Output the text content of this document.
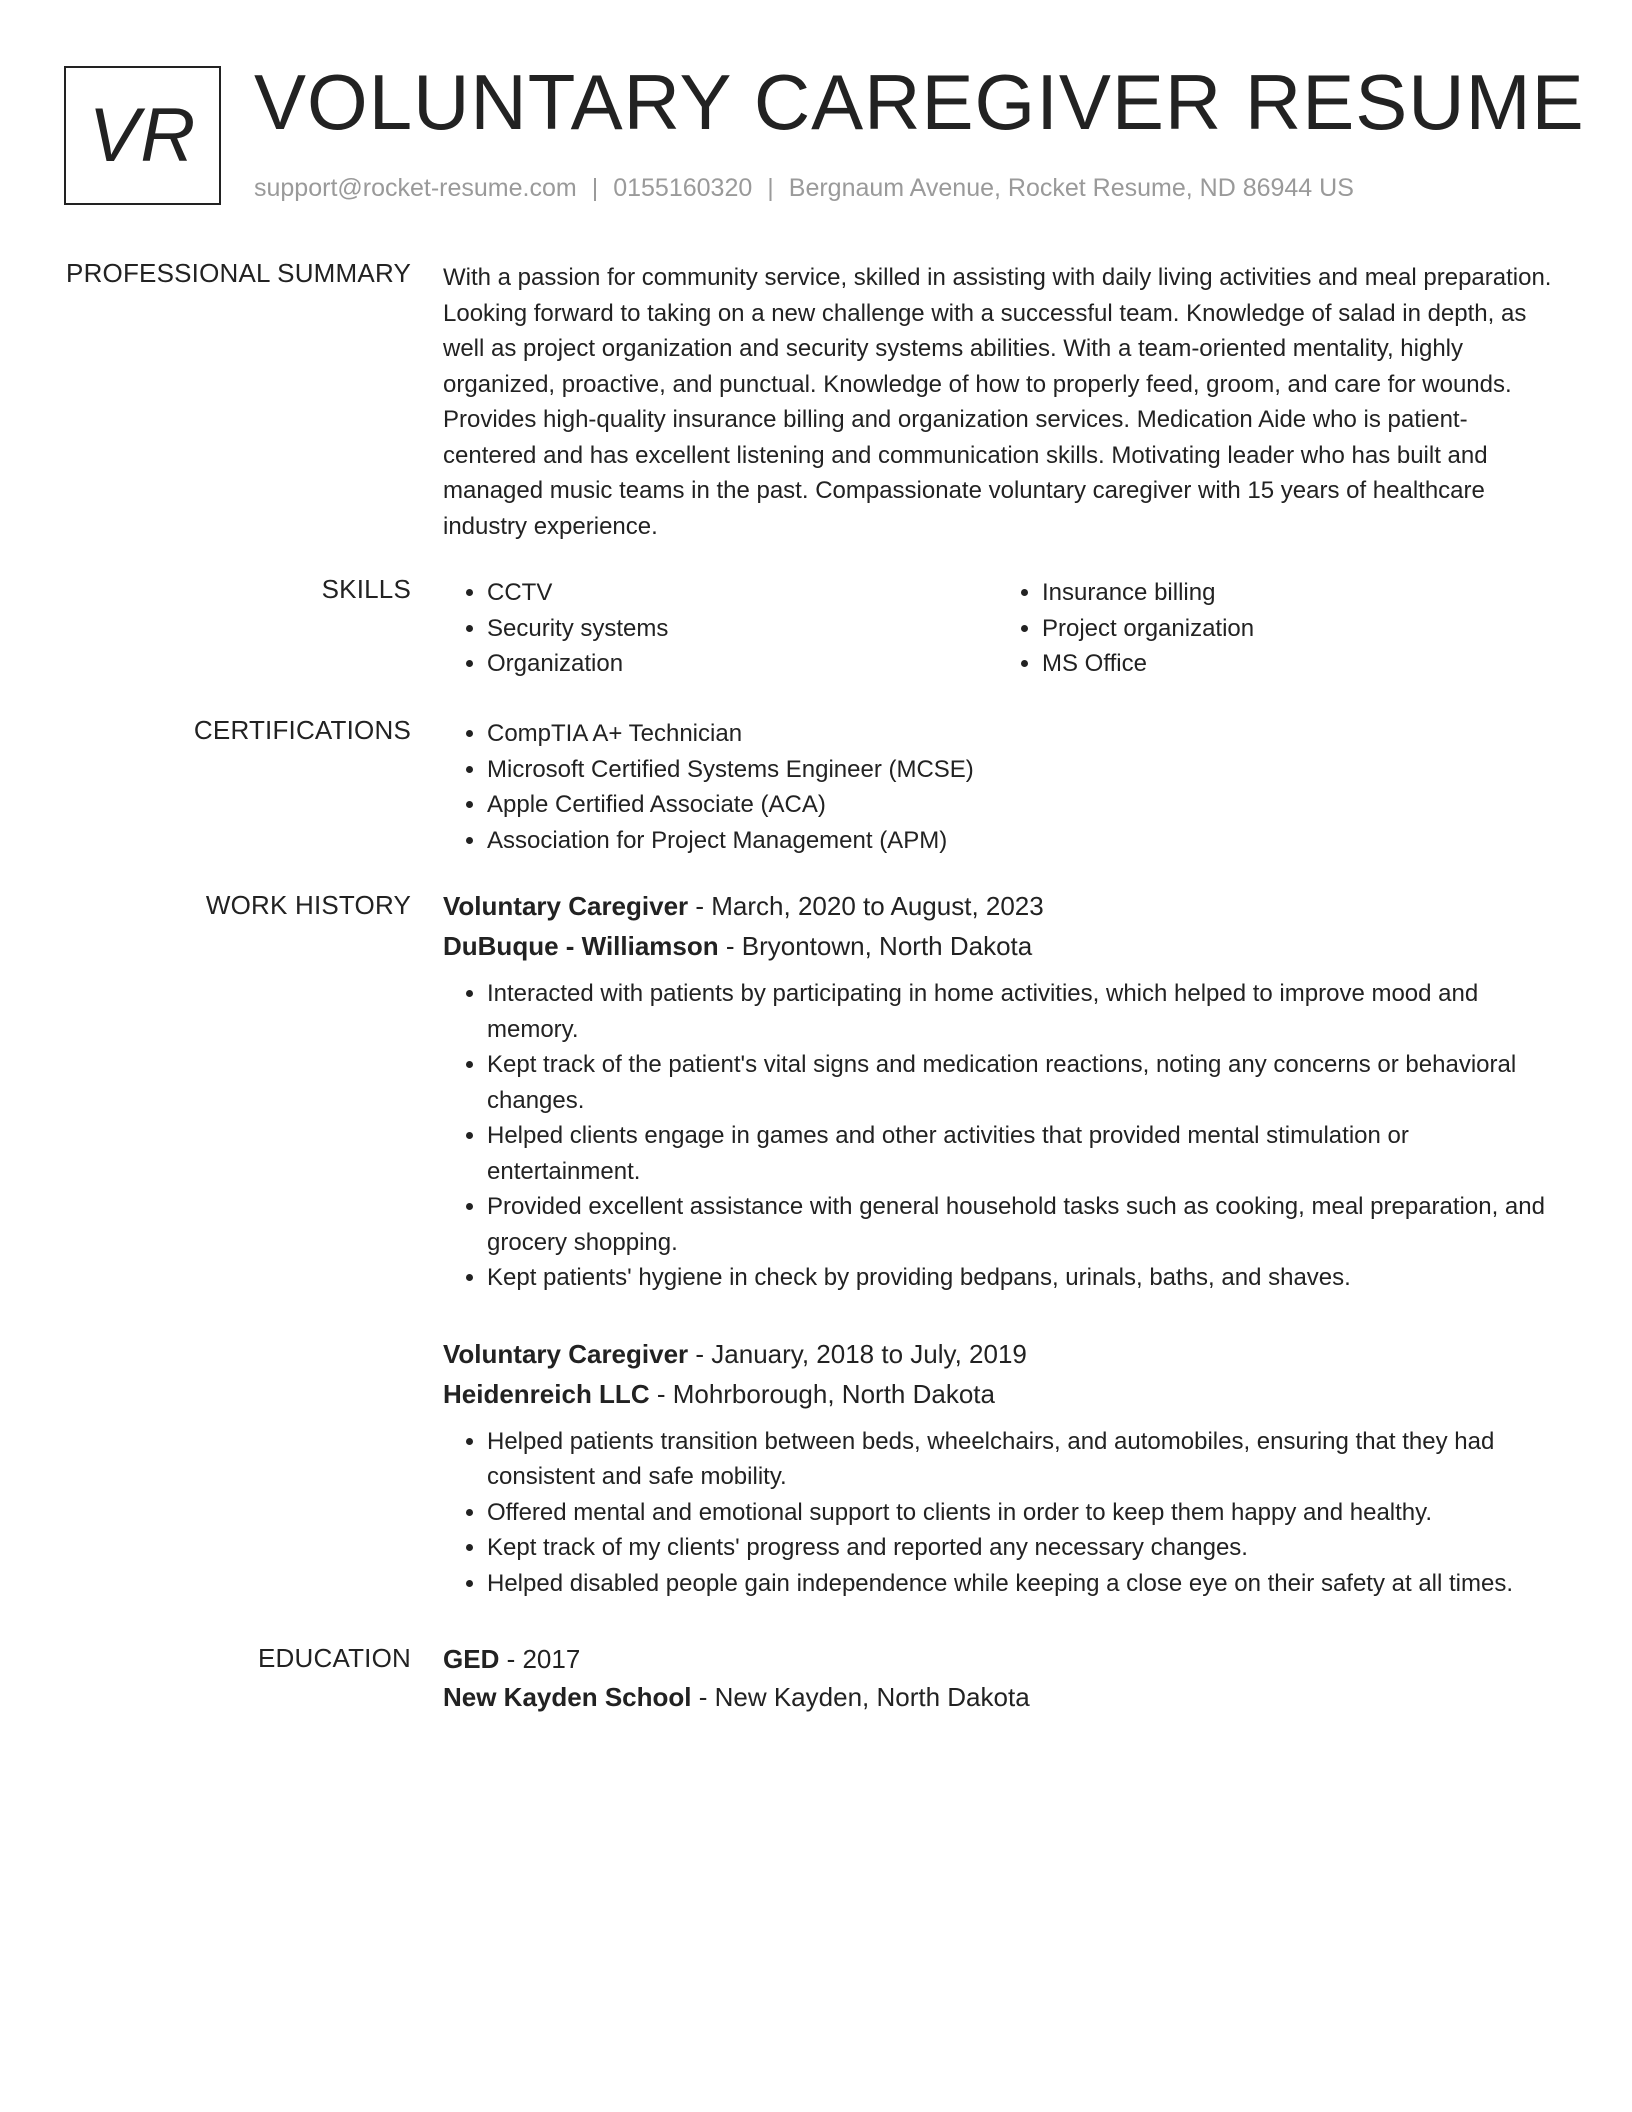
VR VOLUNTARY CAREGIVER RESUME
support@rocket-resume.com | 0155160320 | Bergnaum Avenue, Rocket Resume, ND 86944 US
PROFESSIONAL SUMMARY With a passion for community service, skilled in assisting with daily living activities and meal preparation. Looking forward to taking on a new challenge with a successful team. Knowledge of salad in depth, as well as project organization and security systems abilities. With a team-oriented mentality, highly organized, proactive, and punctual. Knowledge of how to properly feed, groom, and care for wounds. Provides high-quality insurance billing and organization services. Medication Aide who is patient-centered and has excellent listening and communication skills. Motivating leader who has built and managed music teams in the past. Compassionate voluntary caregiver with 15 years of healthcare industry experience.

SKILLS	• CCTV
• Security systems
• Organization
• Insurance billing
• Project organization
• MS Office
CERTIFICATIONS	• CompTIA A+ Technician
• Microsoft Certified Systems Engineer (MCSE)
• Apple Certified Associate (ACA)
• Association for Project Management (APM)
WORK HISTORY Voluntary Caregiver - March, 2020 to August, 2023
DuBuque - Williamson - Bryontown, North Dakota
• Interacted with patients by participating in home activities, which helped to improve mood and memory.
• Kept track of the patient's vital signs and medication reactions, noting any concerns or behavioral changes.
• Helped clients engage in games and other activities that provided mental stimulation or entertainment.
• Provided excellent assistance with general household tasks such as cooking, meal preparation, and grocery shopping.
• Kept patients' hygiene in check by providing bedpans, urinals, baths, and shaves.
Voluntary Caregiver - January, 2018 to July, 2019
Heidenreich LLC - Mohrborough, North Dakota
• Helped patients transition between beds, wheelchairs, and automobiles, ensuring that they had consistent and safe mobility.
• Offered mental and emotional support to clients in order to keep them happy and healthy.
• Kept track of my clients' progress and reported any necessary changes.
• Helped disabled people gain independence while keeping a close eye on their safety at all times.
EDUCATION GED - 2017
New Kayden School - New Kayden, North Dakota
